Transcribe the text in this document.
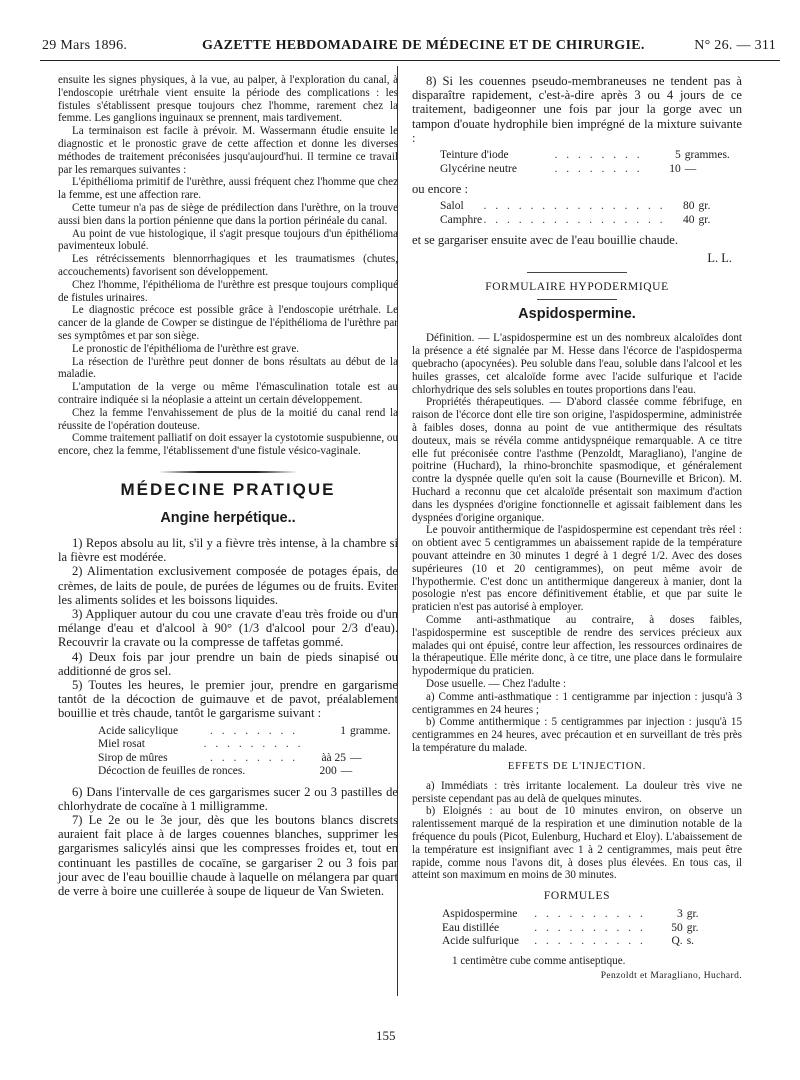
29 Mars 1896.	GAZETTE HEBDOMADAIRE DE MÉDECINE ET DE CHIRURGIE.	N° 26. — 311

ensuite les signes physiques, à la vue, au palper, à l'exploration du canal, à l'endoscopie urétrhale vient ensuite la période des complications : les fistules s'établissent presque toujours chez l'homme, rarement chez la femme. Les ganglions inguinaux se prennent, mais tardivement.

La terminaison est facile à prévoir. M. Wassermann étudie ensuite le diagnostic et le pronostic grave de cette affection et donne les diverses méthodes de traitement préconisées jusqu'aujourd'hui. Il termine ce travail par les remarques suivantes :

L'épithélioma primitif de l'urèthre, aussi fréquent chez l'homme que chez la femme, est une affection rare.

Cette tumeur n'a pas de siège de prédilection dans l'urèthre, on la trouve aussi bien dans la portion pénienne que dans la portion périnéale du canal.

Au point de vue histologique, il s'agit presque toujours d'un épithélioma pavimenteux lobulé.

Les rétrécissements blennorrhagiques et les traumatismes (chutes, accouchements) favorisent son développement.

Chez l'homme, l'épithélioma de l'urèthre est presque toujours compliqué de fistules urinaires.

Le diagnostic précoce est possible grâce à l'endoscopie urétrhale. Le cancer de la glande de Cowper se distingue de l'épithélioma de l'urèthre par ses symptômes et par son siège.

Le pronostic de l'épithélioma de l'urèthre est grave.

La résection de l'urèthre peut donner de bons résultats au début de la maladie.

L'amputation de la verge ou même l'émasculination totale est au contraire indiquée si la néoplasie a atteint un certain développement.

Chez la femme l'envahissement de plus de la moitié du canal rend la réussite de l'opération douteuse.

Comme traitement palliatif on doit essayer la cystotomie suspubienne, ou encore, chez la femme, l'établissement d'une fistule vésico-vaginale.

MÉDECINE PRATIQUE
Angine herpétique..

1) Repos absolu au lit, s'il y a fièvre très intense, à la chambre si la fièvre est modérée.

2) Alimentation exclusivement composée de potages épais, de crèmes, de laits de poule, de purées de légumes ou de fruits. Eviter les aliments solides et les boissons liquides.

3) Appliquer autour du cou une cravate d'eau très froide ou d'un mélange d'eau et d'alcool à 90° (1/3 d'alcool pour 2/3 d'eau). Recouvrir la cravate ou la compresse de taffetas gommé.

4) Deux fois par jour prendre un bain de pieds sinapisé ou additionné de gros sel.

5) Toutes les heures, le premier jour, prendre en gargarisme tantôt de la décoction de guimauve et de pavot, préalablement bouillie et très chaude, tantôt le gargarisme suivant :

Acide salicylique	. . . . . . . .	1 gramme.
Miel rosat	. . . . . . . . .
Sirop de mûres	. . . . . . . .	àà 25 —
Décoction de feuilles de ronces.	200 —

6) Dans l'intervalle de ces gargarismes sucer 2 ou 3 pastilles de chlorhydrate de cocaïne à 1 milligramme.

7) Le 2e ou le 3e jour, dès que les boutons blancs discrets auraient fait place à de larges couennes blanches, supprimer les gargarismes salicylés ainsi que les compresses froides et, tout en continuant les pastilles de cocaïne, se gargariser 2 ou 3 fois par jour avec de l'eau bouillie chaude à laquelle on mélangera par quart de verre à boire une cuillerée à soupe de liqueur de Van Swieten.

8) Si les couennes pseudo-membraneuses ne tendent pas à disparaître rapidement, c'est-à-dire après 3 ou 4 jours de ce traitement, badigeonner une fois par jour la gorge avec un tampon d'ouate hydrophile bien imprégné de la mixture suivante :

Teinture d'iode	. . . . . . . .	5 grammes.
Glycérine neutre	. . . . . . . .	10 —
ou encore :
Salol	. . . . . . . . . . . . . . . .	80 gr.
Camphre . . . . . . . . . . . . . . . .	40 gr.

et se gargariser ensuite avec de l'eau bouillie chaude.

L. L.
FORMULAIRE HYPODERMIQUE
Aspidospermine.

Définition. — L'aspidospermine est un des nombreux alcaloïdes dont la présence a été signalée par M. Hesse dans l'écorce de l'aspidosperma quebracho (apocynées). Peu soluble dans l'eau, soluble dans l'alcool et les huiles grasses, cet alcaloïde forme avec l'acide sulfurique et l'acide chlorhydrique des sels solubles en toutes proportions dans l'eau.

Propriétés thérapeutiques. — D'abord classée comme fébrifuge, en raison de l'écorce dont elle tire son origine, l'aspidospermine, administrée à faibles doses, donna au point de vue antithermique des résultats douteux, mais se révéla comme antidyspnéique remarquable. A ce titre elle fut préconisée contre l'asthme (Penzoldt, Maragliano), l'angine de poitrine (Huchard), la rhino-bronchite spasmodique, et généralement contre la dyspnée quelle qu'en soit la cause (Bourneville et Bricon). M. Huchard a reconnu que cet alcaloïde présentait son maximum d'action dans les dyspnées d'origine fonctionnelle et agissait faiblement dans les dyspnées d'origine organique.

Le pouvoir antithermique de l'aspidospermine est cependant très réel : on obtient avec 5 centigrammes un abaissement rapide de la température pouvant atteindre en 30 minutes 1 degré à 1 degré 1/2. Avec des doses supérieures (10 et 20 centigrammes), on peut même avoir de l'hypothermie. C'est donc un antithermique dangereux à manier, dont la posologie n'est pas encore définitivement établie, et que par suite le praticien n'est pas autorisé à employer.

Comme anti-asthmatique au contraire, à doses faibles, l'aspidospermine est susceptible de rendre des services précieux aux malades qui ont épuisé, contre leur affection, les ressources ordinaires de la thérapeutique. Elle mérite donc, à ce titre, une place dans le formulaire hypodermique du praticien.

Dose usuelle. — Chez l'adulte :

a) Comme anti-asthmatique : 1 centigramme par injection : jusqu'à 3 centigrammes en 24 heures ;

b) Comme antithermique : 5 centigrammes par injection : jusqu'à 15 centigrammes en 24 heures, avec précaution et en surveillant de très près la température du malade.

EFFETS DE L'INJECTION.

a) Immédiats : très irritante localement. La douleur très vive ne persiste cependant pas au delà de quelques minutes.

b) Eloignés : au bout de 10 minutes environ, on observe un ralentissement marqué de la respiration et une diminution notable de la fréquence du pouls (Picot, Eulenburg, Huchard et Eloy). L'abaissement de la température est insignifiant avec 1 à 2 centigrammes, mais peut être rapide, comme nous l'avons dit, à doses plus élevées. En tous cas, il atteint son maximum en moins de 30 minutes.

FORMULES
Aspidospermine	. . . . . . . . . .	3 gr.
Eau distillée	. . . . . . . . . .	50 gr.
Acide sulfurique	. . . . . . . . . .	Q. s.
1 centimètre cube comme antiseptique.
Penzoldt et Maragliano, Huchard.
155
